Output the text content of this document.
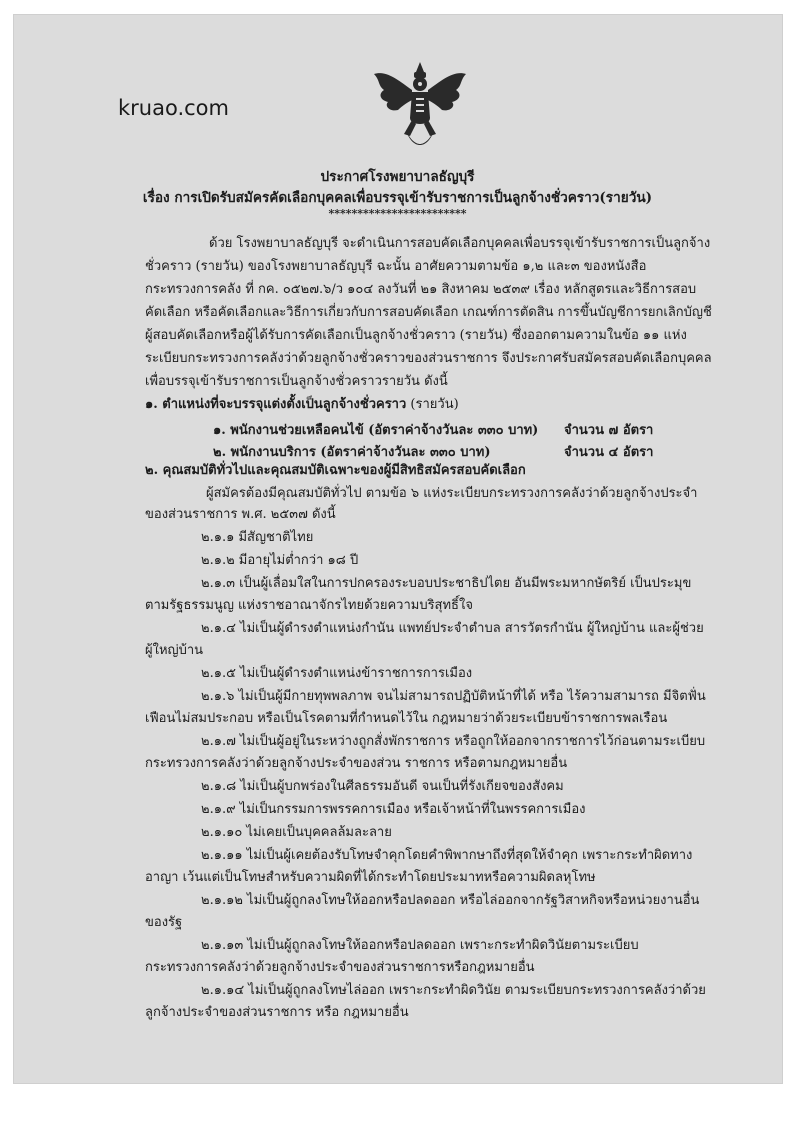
kruao.com
ประกาศโรงพยาบาลธัญบุรี
เรื่อง การเปิดรับสมัครคัดเลือกบุคคลเพื่อบรรจุเข้ารับราชการเป็นลูกจ้างชั่วคราว(รายวัน)
************************
ด้วย โรงพยาบาลธัญบุรี จะดำเนินการสอบคัดเลือกบุคคลเพื่อบรรจุเข้ารับราชการเป็นลูกจ้าง
ชั่วคราว (รายวัน) ของโรงพยาบาลธัญบุรี ฉะนั้น อาศัยความตามข้อ ๑,๒ และ๓ ของหนังสือ
กระทรวงการคลัง ที่ กค. ๐๕๒๗.๖/ว ๑๐๔ ลงวันที่ ๒๑ สิงหาคม ๒๕๓๙ เรื่อง หลักสูตรและวิธีการสอบ
คัดเลือก หรือคัดเลือกและวิธีการเกี่ยวกับการสอบคัดเลือก เกณฑ์การตัดสิน การขึ้นบัญชีการยกเลิกบัญชี
ผู้สอบคัดเลือกหรือผู้ได้รับการคัดเลือกเป็นลูกจ้างชั่วคราว (รายวัน) ซึ่งออกตามความในข้อ ๑๑ แห่ง
ระเบียบกระทรวงการคลังว่าด้วยลูกจ้างชั่วคราวของส่วนราชการ จึงประกาศรับสมัครสอบคัดเลือกบุคคล
เพื่อบรรจุเข้ารับราชการเป็นลูกจ้างชั่วคราวรายวัน ดังนี้
๑. ตำแหน่งที่จะบรรจุแต่งตั้งเป็นลูกจ้างชั่วคราว (รายวัน)
๑. พนักงานช่วยเหลือคนไข้ (อัตราค่าจ้างวันละ ๓๓๐ บาท) จำนวน ๗ อัตรา
๒. พนักงานบริการ (อัตราค่าจ้างวันละ ๓๓๐ บาท)	จำนวน ๔ อัตรา
๒. คุณสมบัติทั่วไปและคุณสมบัติเฉพาะของผู้มีสิทธิสมัครสอบคัดเลือก
ผู้สมัครต้องมีคุณสมบัติทั่วไป ตามข้อ ๖ แห่งระเบียบกระทรวงการคลังว่าด้วยลูกจ้างประจำ
ของส่วนราชการ พ.ศ. ๒๕๓๗ ดังนี้
๒.๑.๑ มีสัญชาติไทย
๒.๑.๒ มีอายุไม่ต่ำกว่า ๑๘ ปี
๒.๑.๓ เป็นผู้เลื่อมใสในการปกครองระบอบประชาธิปไตย อันมีพระมหากษัตริย์ เป็นประมุข
ตามรัฐธรรมนูญ แห่งราชอาณาจักรไทยด้วยความบริสุทธิ์ใจ
๒.๑.๔ ไม่เป็นผู้ดำรงตำแหน่งกำนัน แพทย์ประจำตำบล สารวัตรกำนัน ผู้ใหญ่บ้าน และผู้ช่วย
ผู้ใหญ่บ้าน
๒.๑.๕ ไม่เป็นผู้ดำรงตำแหน่งข้าราชการการเมือง
๒.๑.๖ ไม่เป็นผู้มีกายทุพพลภาพ จนไม่สามารถปฏิบัติหน้าที่ได้ หรือ ไร้ความสามารถ มีจิตฟั่น
เฟือนไม่สมประกอบ หรือเป็นโรคตามที่กำหนดไว้ใน กฎหมายว่าด้วยระเบียบข้าราชการพลเรือน
๒.๑.๗ ไม่เป็นผู้อยู่ในระหว่างถูกสั่งพักราชการ หรือถูกให้ออกจากราชการไว้ก่อนตามระเบียบ
กระทรวงการคลังว่าด้วยลูกจ้างประจำของส่วน ราชการ หรือตามกฎหมายอื่น
๒.๑.๘ ไม่เป็นผู้บกพร่องในศีลธรรมอันดี จนเป็นที่รังเกียจของสังคม
๒.๑.๙ ไม่เป็นกรรมการพรรคการเมือง หรือเจ้าหน้าที่ในพรรคการเมือง
๒.๑.๑๐ ไม่เคยเป็นบุคคลล้มละลาย
๒.๑.๑๑ ไม่เป็นผู้เคยต้องรับโทษจำคุกโดยคำพิพากษาถึงที่สุดให้จำคุก เพราะกระทำผิดทาง
อาญา เว้นแต่เป็นโทษสำหรับความผิดที่ได้กระทำโดยประมาทหรือความผิดลหุโทษ
๒.๑.๑๒ ไม่เป็นผู้ถูกลงโทษให้ออกหรือปลดออก หรือไล่ออกจากรัฐวิสาหกิจหรือหน่วยงานอื่น
ของรัฐ
๒.๑.๑๓ ไม่เป็นผู้ถูกลงโทษให้ออกหรือปลดออก เพราะกระทำผิดวินัยตามระเบียบ
กระทรวงการคลังว่าด้วยลูกจ้างประจำของส่วนราชการหรือกฎหมายอื่น
๒.๑.๑๔ ไม่เป็นผู้ถูกลงโทษไล่ออก เพราะกระทำผิดวินัย ตามระเบียบกระทรวงการคลังว่าด้วย
ลูกจ้างประจำของส่วนราชการ หรือ กฎหมายอื่น
